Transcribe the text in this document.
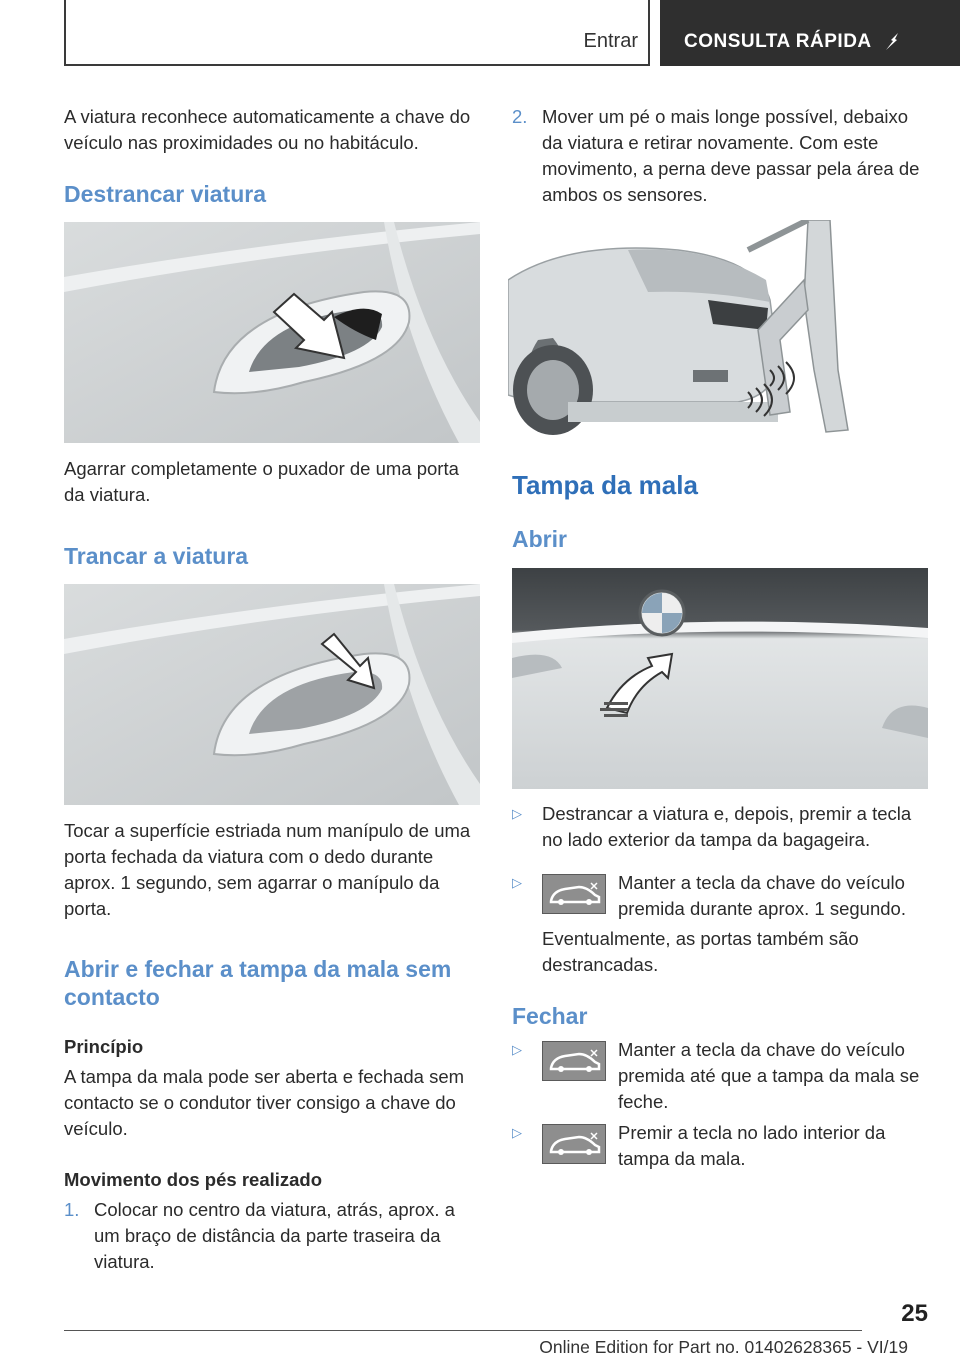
Entrar CONSULTA RÁPIDA

A viatura reconhece automaticamente a chave do veículo nas proximidades ou no habitáculo.

Destrancar viatura

Agarrar completamente o puxador de uma porta da viatura.

Trancar a viatura

Tocar a superfície estriada num manípulo de uma porta fechada da viatura com o dedo durante aprox. 1 segundo, sem agarrar o manípulo da porta.

Abrir e fechar a tampa da mala sem contacto
Princípio

A tampa da mala pode ser aberta e fechada sem contacto se o condutor tiver consigo a chave do veículo.

Movimento dos pés realizado

1. Colocar no centro da viatura, atrás, aprox. a um braço de distância da parte traseira da viatura.

2. Mover um pé o mais longe possível, debaixo da viatura e retirar novamente. Com este movimento, a perna deve passar pela área de ambos os sensores.

Tampa da mala
Abrir
▷	Destrancar a viatura e, depois, premir a tecla no lado exterior da tampa da bagageira.

▷	Manter a tecla da chave do veículo premida durante aprox. 1 segundo.

Eventualmente, as portas também são destrancadas.

Fechar
▷	Manter a tecla da chave do veículo premida até que a tampa da mala se feche.

▷	Premir a tecla no lado interior da tampa da mala.

25
Online Edition for Part no. 01402628365 - VI/19
